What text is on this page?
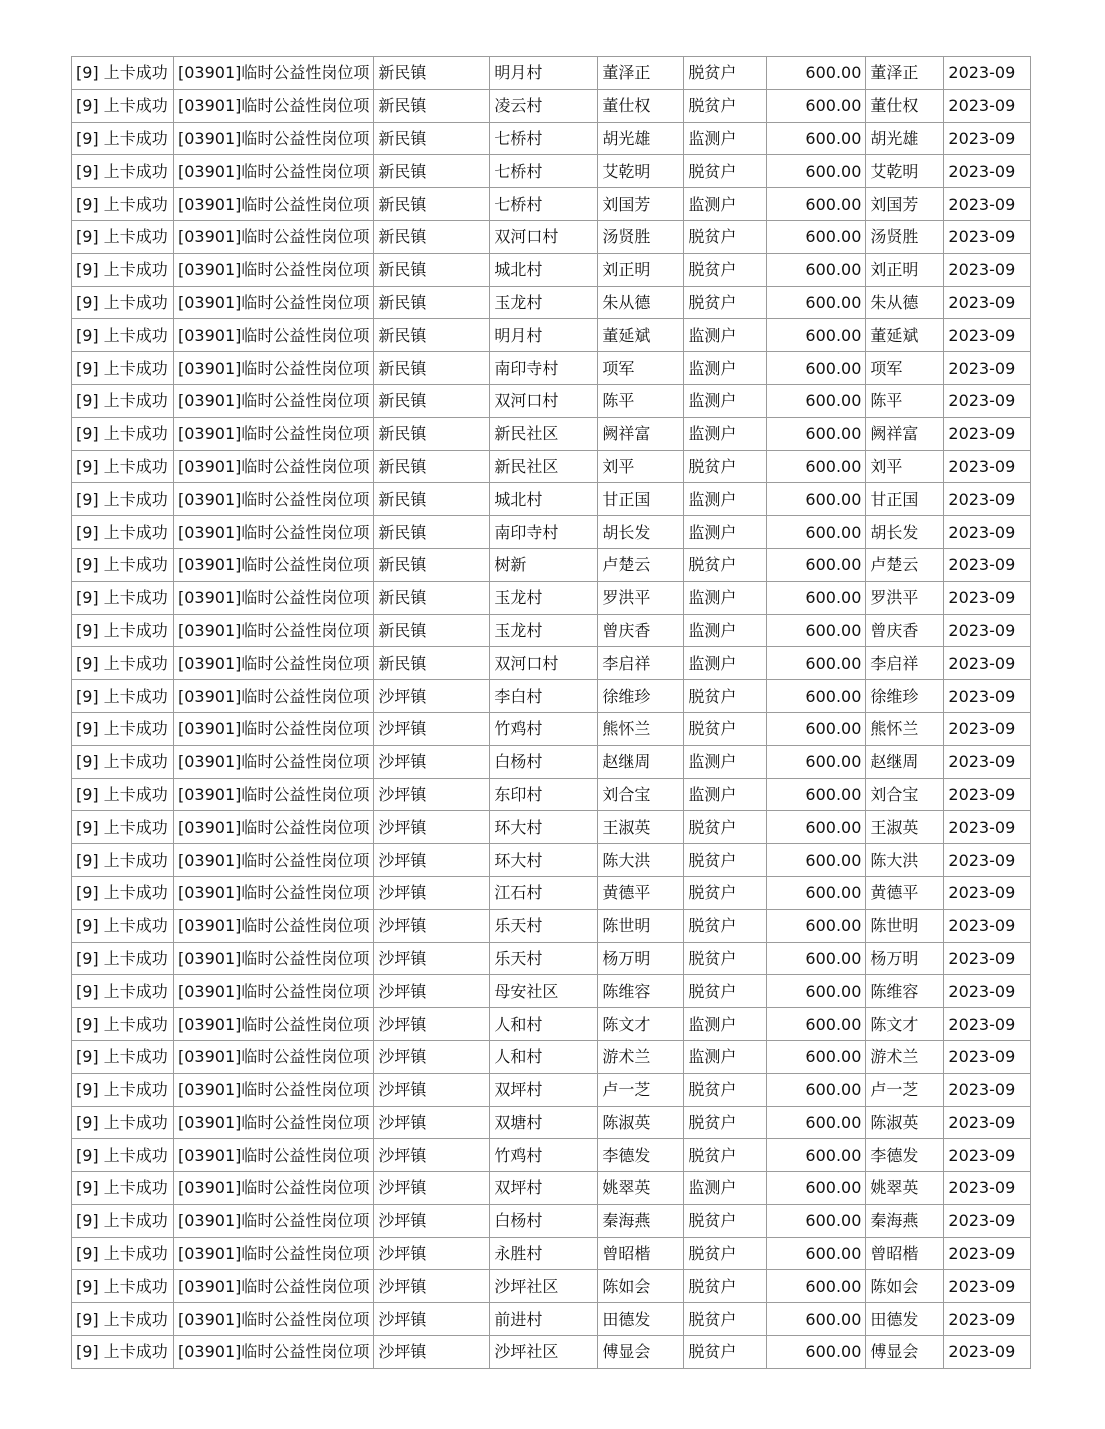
[9] 上卡成功	[03901]临时公益性岗位项	新民镇	明月村	董泽正	脱贫户	600.00	董泽正	2023-09
[9] 上卡成功	[03901]临时公益性岗位项	新民镇	凌云村	董仕权	脱贫户	600.00	董仕权	2023-09
[9] 上卡成功	[03901]临时公益性岗位项	新民镇	七桥村	胡光雄	监测户	600.00	胡光雄	2023-09
[9] 上卡成功	[03901]临时公益性岗位项	新民镇	七桥村	艾乾明	脱贫户	600.00	艾乾明	2023-09
[9] 上卡成功	[03901]临时公益性岗位项	新民镇	七桥村	刘国芳	监测户	600.00	刘国芳	2023-09
[9] 上卡成功	[03901]临时公益性岗位项	新民镇	双河口村	汤贤胜	脱贫户	600.00	汤贤胜	2023-09
[9] 上卡成功	[03901]临时公益性岗位项	新民镇	城北村	刘正明	脱贫户	600.00	刘正明	2023-09
[9] 上卡成功	[03901]临时公益性岗位项	新民镇	玉龙村	朱从德	脱贫户	600.00	朱从德	2023-09
[9] 上卡成功	[03901]临时公益性岗位项	新民镇	明月村	董延斌	监测户	600.00	董延斌	2023-09
[9] 上卡成功	[03901]临时公益性岗位项	新民镇	南印寺村	项军	监测户	600.00	项军	2023-09
[9] 上卡成功	[03901]临时公益性岗位项	新民镇	双河口村	陈平	监测户	600.00	陈平	2023-09
[9] 上卡成功	[03901]临时公益性岗位项	新民镇	新民社区	阙祥富	监测户	600.00	阙祥富	2023-09
[9] 上卡成功	[03901]临时公益性岗位项	新民镇	新民社区	刘平	脱贫户	600.00	刘平	2023-09
[9] 上卡成功	[03901]临时公益性岗位项	新民镇	城北村	甘正国	监测户	600.00	甘正国	2023-09
[9] 上卡成功	[03901]临时公益性岗位项	新民镇	南印寺村	胡长发	监测户	600.00	胡长发	2023-09
[9] 上卡成功	[03901]临时公益性岗位项	新民镇	树新	卢楚云	脱贫户	600.00	卢楚云	2023-09
[9] 上卡成功	[03901]临时公益性岗位项	新民镇	玉龙村	罗洪平	监测户	600.00	罗洪平	2023-09
[9] 上卡成功	[03901]临时公益性岗位项	新民镇	玉龙村	曾庆香	监测户	600.00	曾庆香	2023-09
[9] 上卡成功	[03901]临时公益性岗位项	新民镇	双河口村	李启祥	监测户	600.00	李启祥	2023-09
[9] 上卡成功	[03901]临时公益性岗位项	沙坪镇	李白村	徐维珍	脱贫户	600.00	徐维珍	2023-09
[9] 上卡成功	[03901]临时公益性岗位项	沙坪镇	竹鸡村	熊怀兰	脱贫户	600.00	熊怀兰	2023-09
[9] 上卡成功	[03901]临时公益性岗位项	沙坪镇	白杨村	赵继周	监测户	600.00	赵继周	2023-09
[9] 上卡成功	[03901]临时公益性岗位项	沙坪镇	东印村	刘合宝	监测户	600.00	刘合宝	2023-09
[9] 上卡成功	[03901]临时公益性岗位项	沙坪镇	环大村	王淑英	脱贫户	600.00	王淑英	2023-09
[9] 上卡成功	[03901]临时公益性岗位项	沙坪镇	环大村	陈大洪	脱贫户	600.00	陈大洪	2023-09
[9] 上卡成功	[03901]临时公益性岗位项	沙坪镇	江石村	黄德平	脱贫户	600.00	黄德平	2023-09
[9] 上卡成功	[03901]临时公益性岗位项	沙坪镇	乐天村	陈世明	脱贫户	600.00	陈世明	2023-09
[9] 上卡成功	[03901]临时公益性岗位项	沙坪镇	乐天村	杨万明	脱贫户	600.00	杨万明	2023-09
[9] 上卡成功	[03901]临时公益性岗位项	沙坪镇	母安社区	陈维容	脱贫户	600.00	陈维容	2023-09
[9] 上卡成功	[03901]临时公益性岗位项	沙坪镇	人和村	陈文才	监测户	600.00	陈文才	2023-09
[9] 上卡成功	[03901]临时公益性岗位项	沙坪镇	人和村	游术兰	监测户	600.00	游术兰	2023-09
[9] 上卡成功	[03901]临时公益性岗位项	沙坪镇	双坪村	卢一芝	脱贫户	600.00	卢一芝	2023-09
[9] 上卡成功	[03901]临时公益性岗位项	沙坪镇	双塘村	陈淑英	脱贫户	600.00	陈淑英	2023-09
[9] 上卡成功	[03901]临时公益性岗位项	沙坪镇	竹鸡村	李德发	脱贫户	600.00	李德发	2023-09
[9] 上卡成功	[03901]临时公益性岗位项	沙坪镇	双坪村	姚翠英	监测户	600.00	姚翠英	2023-09
[9] 上卡成功	[03901]临时公益性岗位项	沙坪镇	白杨村	秦海燕	脱贫户	600.00	秦海燕	2023-09
[9] 上卡成功	[03901]临时公益性岗位项	沙坪镇	永胜村	曾昭楷	脱贫户	600.00	曾昭楷	2023-09
[9] 上卡成功	[03901]临时公益性岗位项	沙坪镇	沙坪社区	陈如会	脱贫户	600.00	陈如会	2023-09
[9] 上卡成功	[03901]临时公益性岗位项	沙坪镇	前进村	田德发	脱贫户	600.00	田德发	2023-09
[9] 上卡成功	[03901]临时公益性岗位项	沙坪镇	沙坪社区	傅显会	脱贫户	600.00	傅显会	2023-09
